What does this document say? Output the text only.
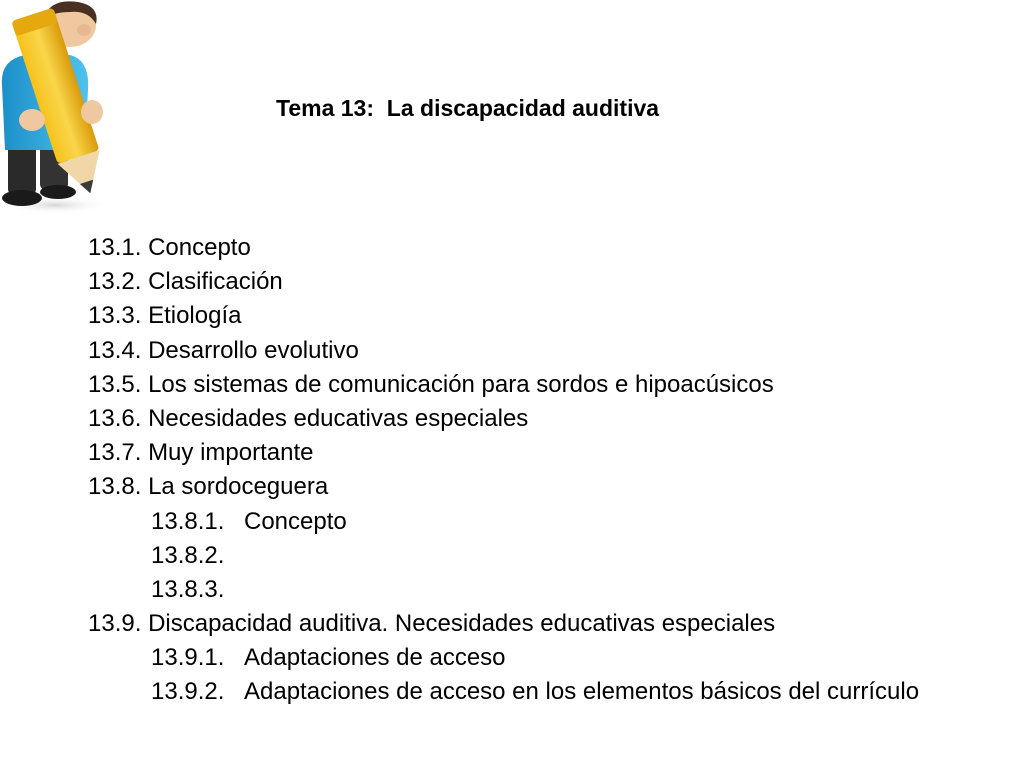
Tema 13:  La discapacidad auditiva
13.1. Concepto
13.2. Clasificación
13.3. Etiología
13.4. Desarrollo evolutivo
13.5. Los sistemas de comunicación para sordos e hipoacúsicos
13.6. Necesidades educativas especiales
13.7. Muy importante
13.8. La sordoceguera
13.8.1. Concepto
13.8.2.
13.8.3.
13.9. Discapacidad auditiva. Necesidades educativas especiales
13.9.1. Adaptaciones de acceso
13.9.2. Adaptaciones de acceso en los elementos básicos del currículo
